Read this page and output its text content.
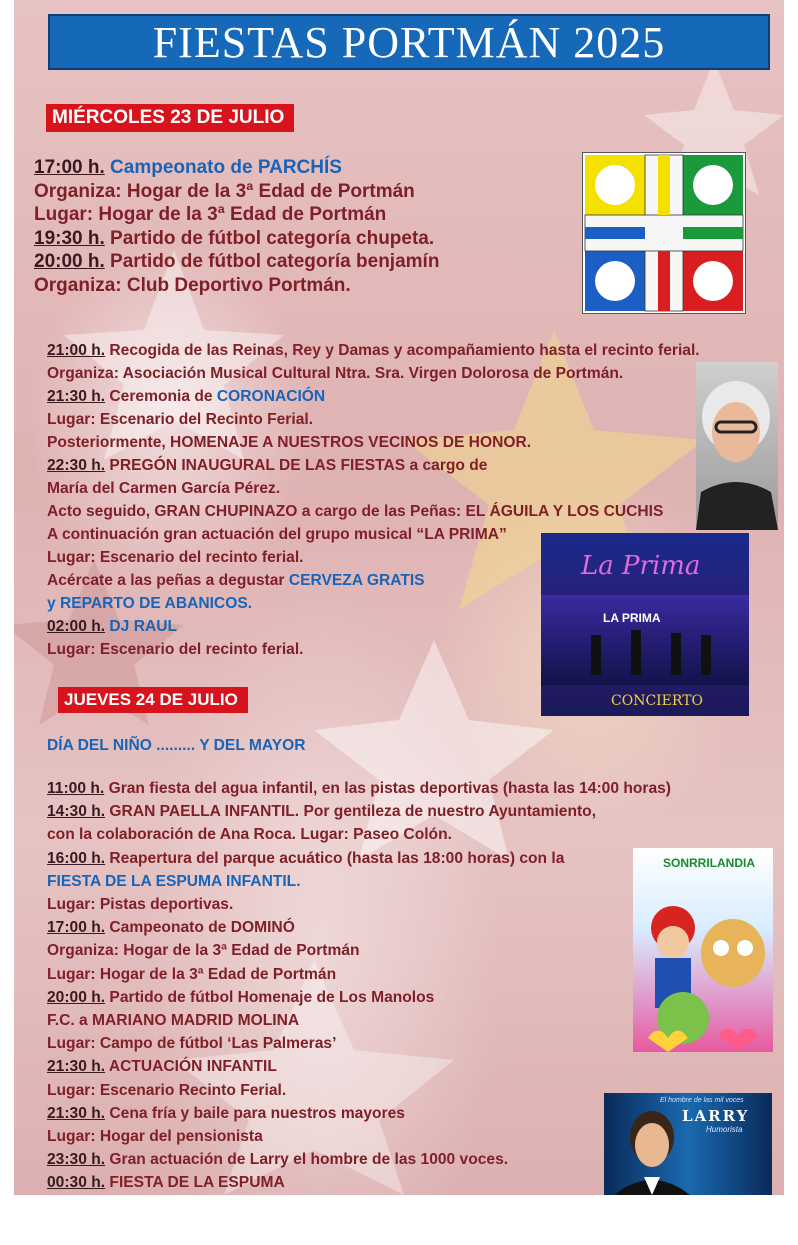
FIESTAS PORTMÁN 2025
MIÉRCOLES 23 DE JULIO
17:00 h. Campeonato de PARCHÍS
Organiza: Hogar de la 3ª Edad de Portmán
Lugar: Hogar de la 3ª Edad de Portmán
19:30 h. Partido de fútbol categoría chupeta.
20:00 h. Partido de fútbol categoría benjamín
Organiza: Club Deportivo Portmán.
21:00 h. Recogida de las Reinas, Rey y Damas y acompañamiento hasta el recinto ferial.
Organiza: Asociación Musical Cultural Ntra. Sra. Virgen Dolorosa de Portmán.
21:30 h. Ceremonia de CORONACIÓN
Lugar: Escenario del Recinto Ferial.
Posteriormente, HOMENAJE A NUESTROS VECINOS DE HONOR.
22:30 h. PREGÓN INAUGURAL DE LAS FIESTAS a cargo de
María del Carmen García Pérez.
Acto seguido, GRAN CHUPINAZO a cargo de las Peñas: EL ÁGUILA Y LOS CUCHIS
A continuación gran actuación del grupo musical “LA PRIMA”
Lugar: Escenario del recinto ferial.
Acércate a las peñas a degustar CERVEZA GRATIS
y REPARTO DE ABANICOS.
02:00 h. DJ RAUL
Lugar: Escenario del recinto ferial.
JUEVES 24 DE JULIO
DÍA DEL NIÑO ......... Y DEL MAYOR
11:00 h. Gran fiesta del agua infantil, en las pistas deportivas (hasta las 14:00 horas)
14:30 h. GRAN PAELLA INFANTIL. Por gentileza de nuestro Ayuntamiento,
con la colaboración de Ana Roca. Lugar: Paseo Colón.
16:00 h. Reapertura del parque acuático (hasta las 18:00 horas) con la
FIESTA DE LA ESPUMA INFANTIL.
Lugar: Pistas deportivas.
17:00 h. Campeonato de DOMINÓ
Organiza: Hogar de la 3ª Edad de Portmán
Lugar: Hogar de la 3ª Edad de Portmán
20:00 h. Partido de fútbol Homenaje de Los Manolos
F.C. a MARIANO MADRID MOLINA
Lugar: Campo de fútbol ‘Las Palmeras’
21:30 h. ACTUACIÓN INFANTIL
Lugar: Escenario Recinto Ferial.
21:30 h. Cena fría y baile para nuestros mayores
Lugar: Hogar del pensionista
23:30 h. Gran actuación de Larry el hombre de las 1000 voces.
00:30 h. FIESTA DE LA ESPUMA
La Prima
LA PRIMA
CONCIERTO
SONRRILANDIA
El hombre de las mil voces
LARRY
Humorista
